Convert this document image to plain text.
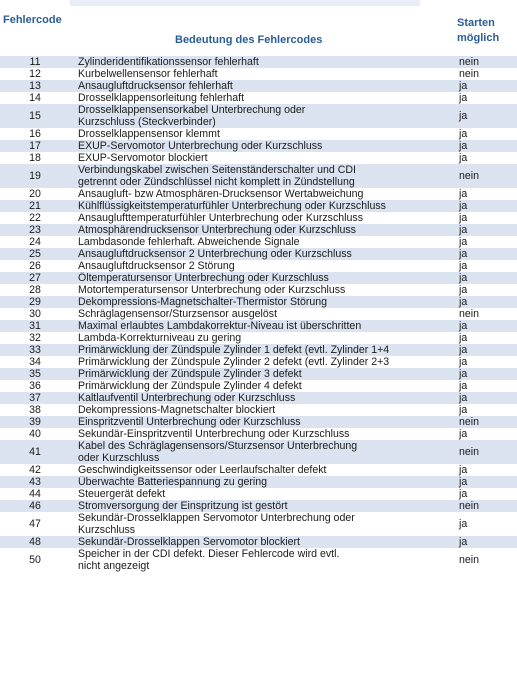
Fehlercode	Bedeutung des Fehlercodes	Starten
möglich

11	Zylinderidentifikationssensor fehlerhaft	nein
12	Kurbelwellensensor fehlerhaft	nein
13	Ansaugluftdrucksensor fehlerhaft	ja
14	Drosselklappensorleitung fehlerhaft	ja
15	Drosselklappensensorkabel Unterbrechung oder
Kurzschluss (Steckverbinder)	ja
16	Drosselklappensensor klemmt	ja
17	EXUP-Servomotor Unterbrechung oder Kurzschluss	ja
18	EXUP-Servomotor blockiert	ja
19	Verbindungskabel zwischen Seitenständerschalter und CDI
getrennt oder Zündschlüssel nicht komplett in Zündstellung	nein
20	Ansaugluft- bzw Atmosphären-Drucksensor Wertabweichung	ja
21	Kühlflüssigkeitstemperaturfühler Unterbrechung oder Kurzschluss	ja
22	Ansauglufttemperaturfühler Unterbrechung oder Kurzschluss	ja
23	Atmosphärendrucksensor Unterbrechung oder Kurzschluss	ja
24	Lambdasonde fehlerhaft. Abweichende Signale	ja
25	Ansaugluftdrucksensor 2 Unterbrechung oder Kurzschluss	ja
26	Ansaugluftdrucksensor 2 Störung	ja
27	Öltemperatursensor Unterbrechung oder Kurzschluss	ja
28	Motortemperatursensor Unterbrechung oder Kurzschluss	ja
29	Dekompressions-Magnetschalter-Thermistor Störung	ja
30	Schräglagensensor/Sturzsensor ausgelöst	nein
31	Maximal erlaubtes Lambdakorrektur-Niveau ist überschritten	ja
32	Lambda-Korrekturniveau zu gering	ja
33	Primärwicklung der Zündspule Zylinder 1 defekt (evtl. Zylinder 1+4	ja
34	Primärwicklung der Zündspule Zylinder 2 defekt (evtl. Zylinder 2+3	ja
35	Primärwicklung der Zündspule Zylinder 3 defekt	ja
36	Primärwicklung der Zündspule Zylinder 4 defekt	ja
37	Kaltlaufventil Unterbrechung oder Kurzschluss	ja
38	Dekompressions-Magnetschalter blockiert	ja
39	Einspritzventil Unterbrechung oder Kurzschluss	nein
40	Sekundär-Einspritzventil Unterbrechung oder Kurzschluss	ja
41	Kabel des Schräglagensensors/Sturzsensor Unterbrechung
oder Kurzschluss	nein
42	Geschwindigkeitssensor oder Leerlaufschalter defekt	ja
43	Überwachte Batteriespannung zu gering	ja
44	Steuergerät defekt	ja
46	Stromversorgung der Einspritzung ist gestört	nein
47	Sekundär-Drosselklappen Servomotor Unterbrechung oder
Kurzschluss	ja
48	Sekundär-Drosselklappen Servomotor blockiert	ja
50	Speicher in der CDI defekt. Dieser Fehlercode wird evtl.
nicht angezeigt	nein
